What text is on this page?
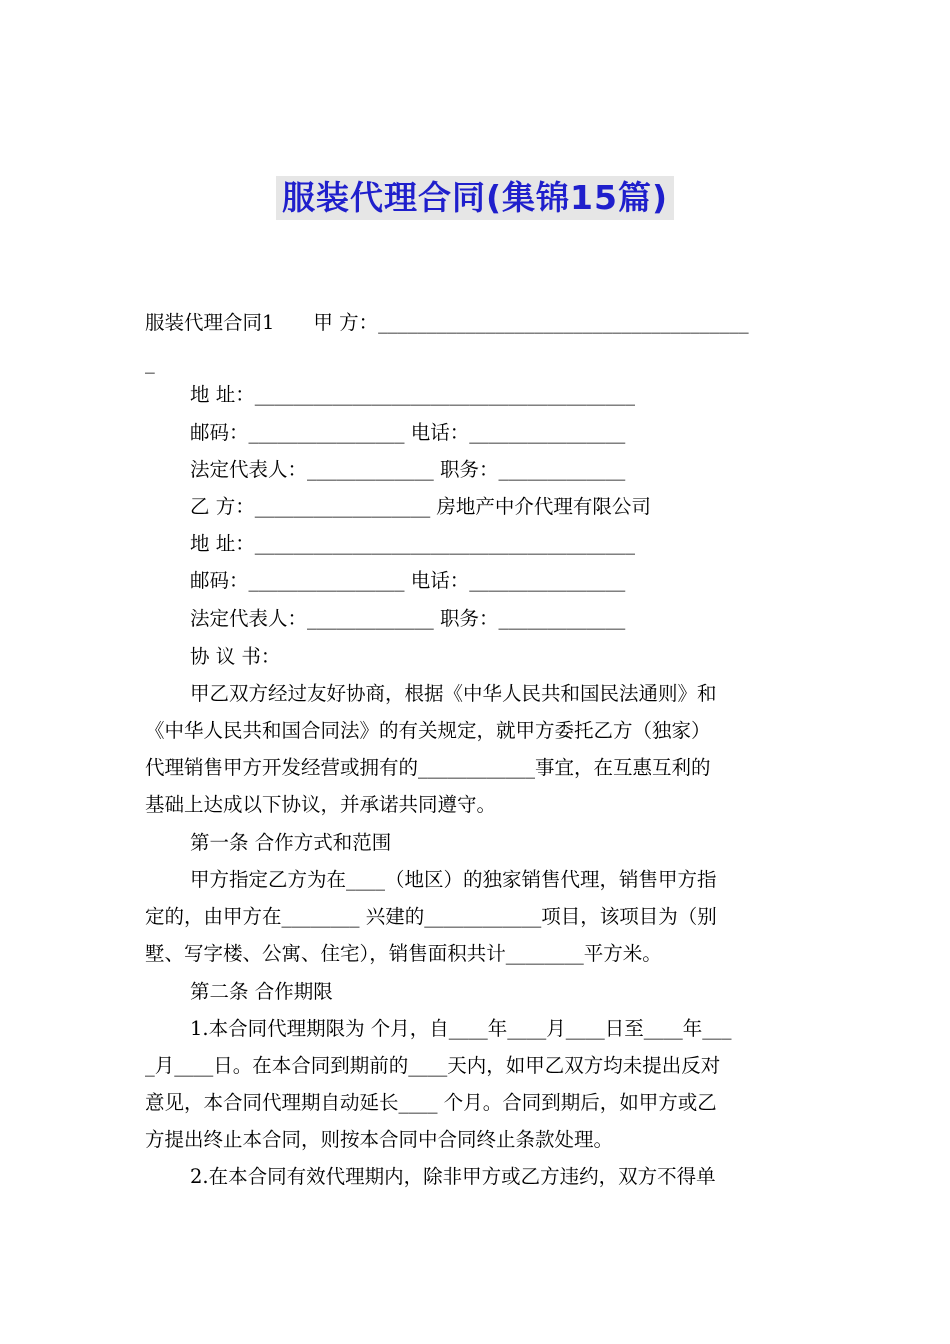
服装代理合同(集锦15篇)
服装代理合同1　　甲 方：______________________________________
_
地 址：_______________________________________
邮码：________________ 电话：________________
法定代表人：_____________ 职务：_____________
乙 方：__________________ 房地产中介代理有限公司
地 址：_______________________________________
邮码：________________ 电话：________________
法定代表人：_____________ 职务：_____________
协 议 书：
甲乙双方经过友好协商，根据《中华人民共和国民法通则》和
《中华人民共和国合同法》的有关规定，就甲方委托乙方（独家）
代理销售甲方开发经营或拥有的____________事宜，在互惠互利的
基础上达成以下协议，并承诺共同遵守。
第一条 合作方式和范围
甲方指定乙方为在____（地区）的独家销售代理，销售甲方指
定的，由甲方在________ 兴建的____________项目，该项目为（别
墅、写字楼、公寓、住宅），销售面积共计________平方米。
第二条 合作期限
1.本合同代理期限为 个月，自____年____月____日至____年___
_月____日。在本合同到期前的____天内，如甲乙双方均未提出反对
意见，本合同代理期自动延长____ 个月。合同到期后，如甲方或乙
方提出终止本合同，则按本合同中合同终止条款处理。
2.在本合同有效代理期内，除非甲方或乙方违约，双方不得单
